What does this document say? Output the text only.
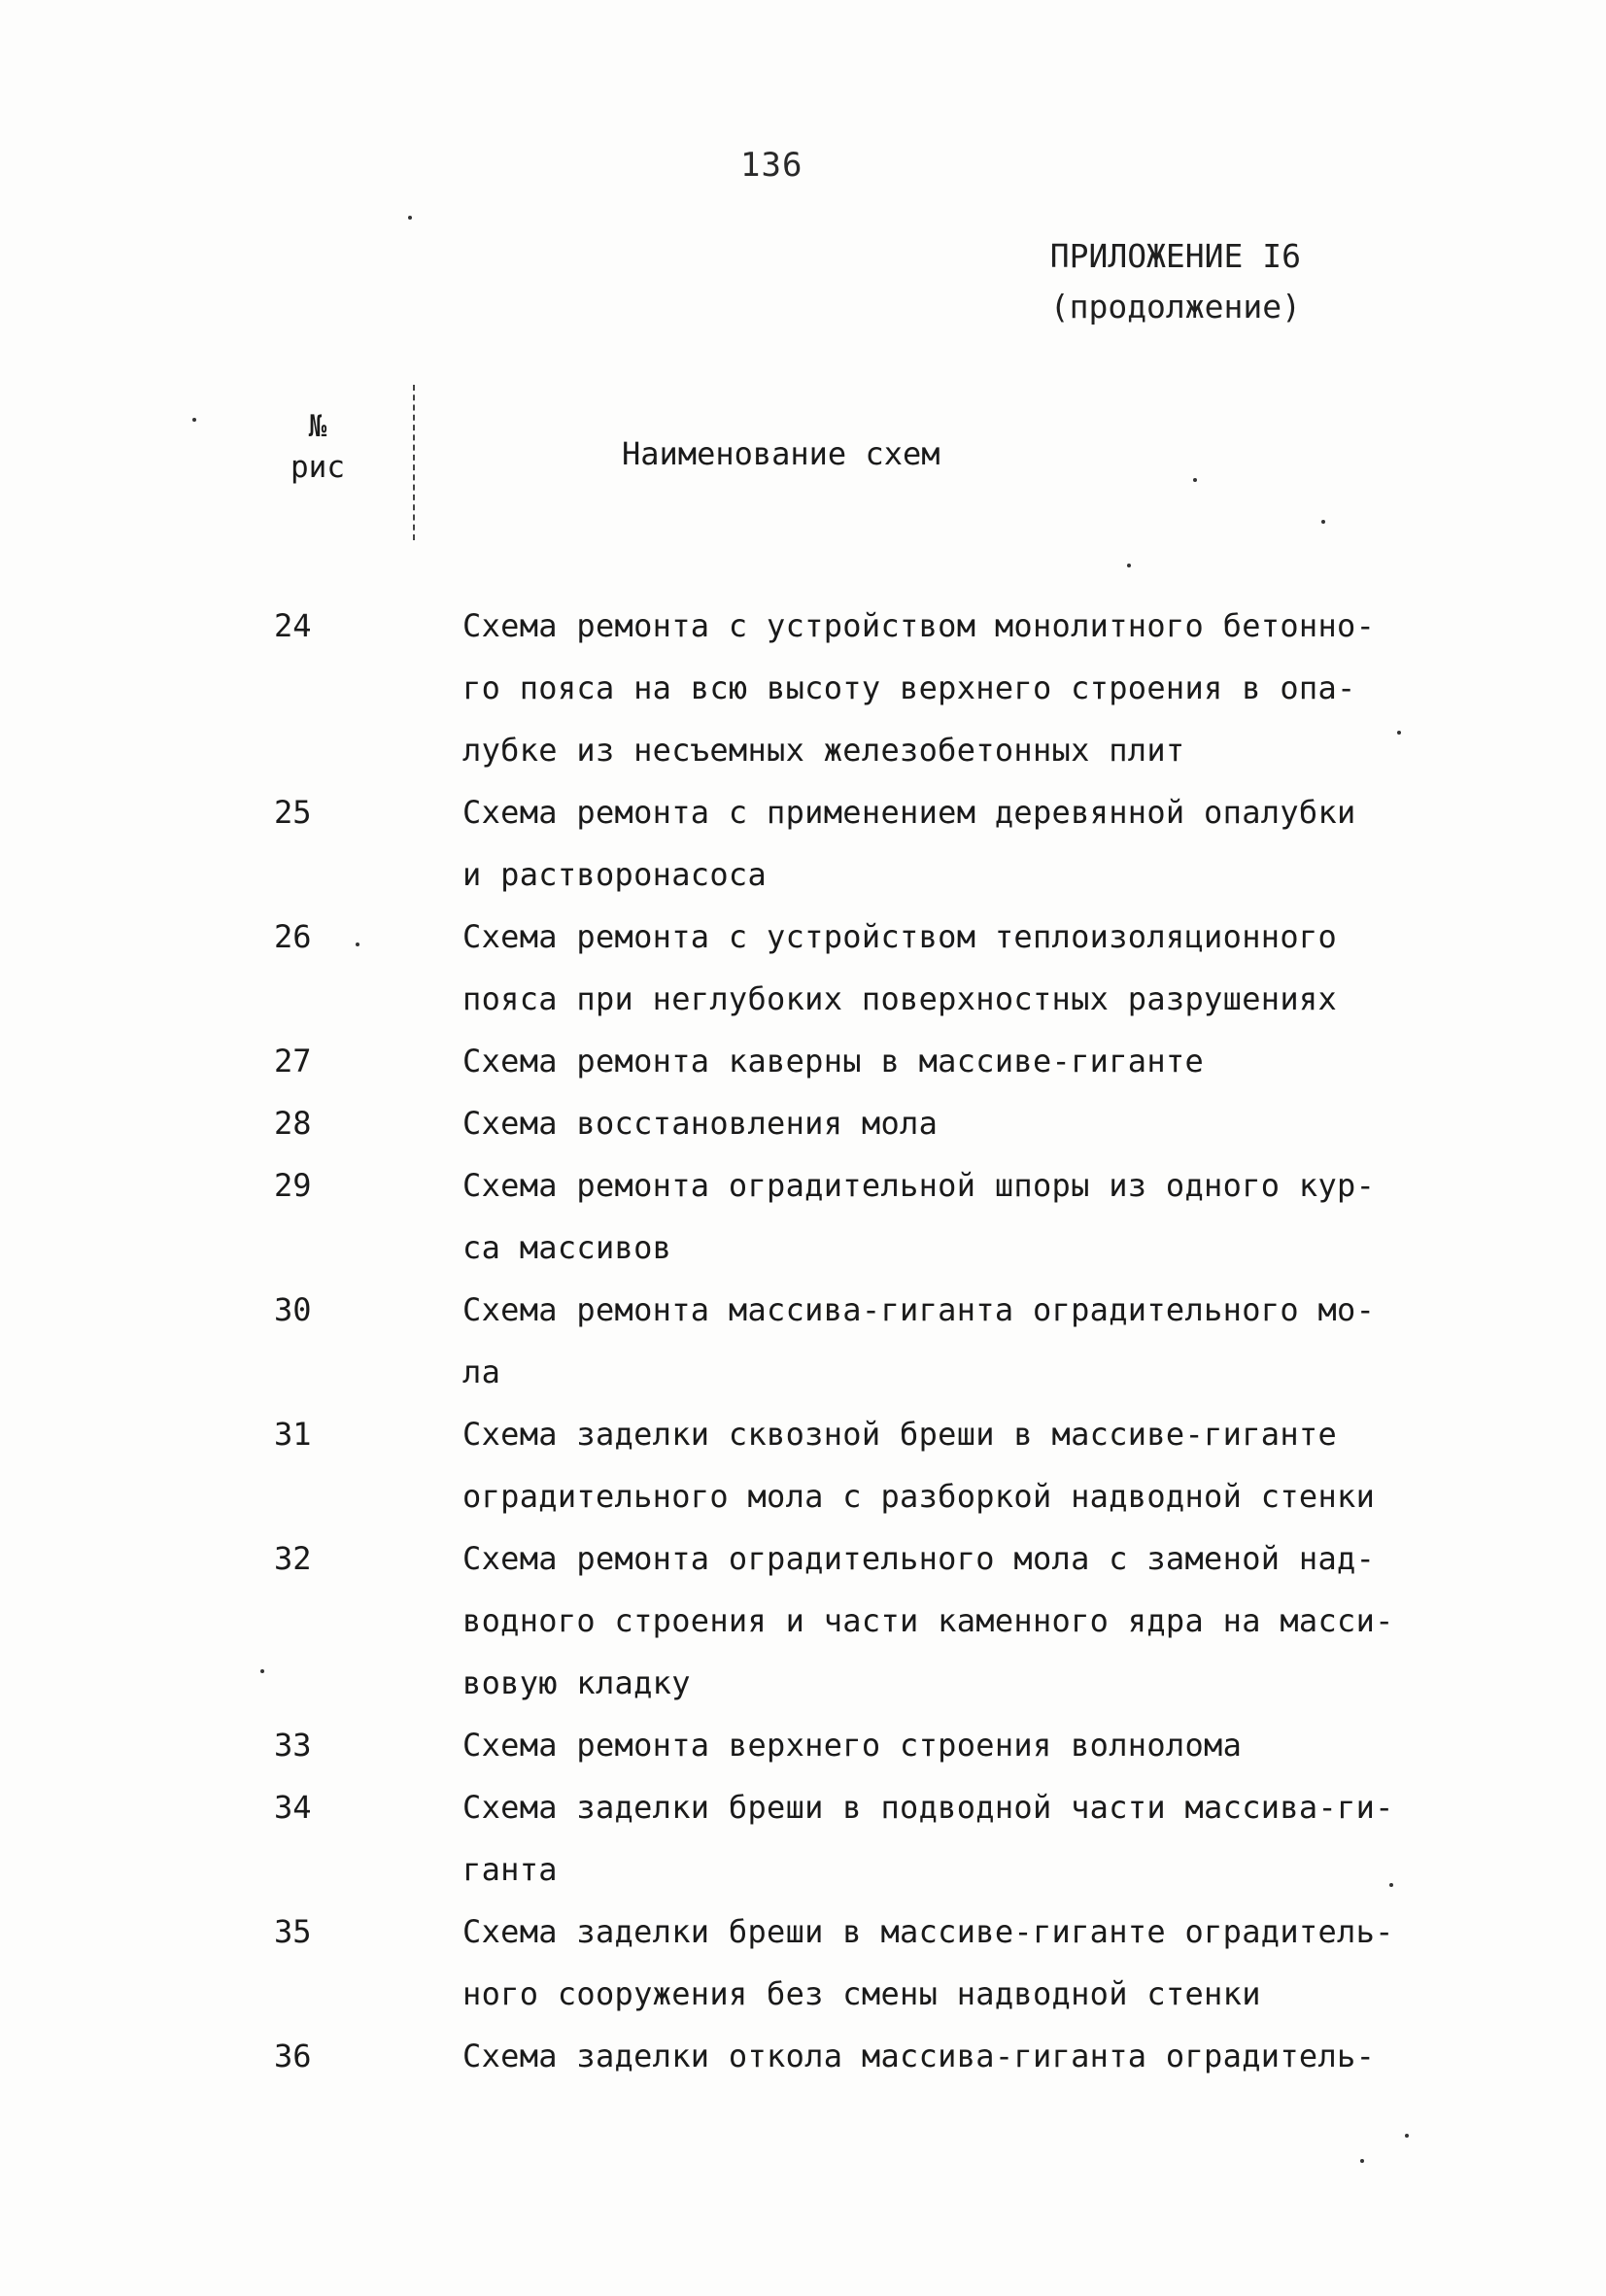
136
ПРИЛОЖЕНИЕ I6
(продолжение)
№
рис	Наименование схем
24	Схема ремонта с устройством монолитного бетонно-
го пояса на всю высоту верхнего строения в опа-
лубке из несъемных железобетонных плит
25	Схема ремонта с применением деревянной опалубки
и растворонасоса
26	Схема ремонта с устройством теплоизоляционного
пояса при неглубоких поверхностных разрушениях
27	Схема ремонта каверны в массиве-гиганте
28	Схема восстановления мола
29	Схема ремонта оградительной шпоры из одного кур-
са массивов
30	Схема ремонта массива-гиганта оградительного мо-
ла
31	Схема заделки сквозной бреши в массиве-гиганте
оградительного мола с разборкой надводной стенки
32	Схема ремонта оградительного мола с заменой над-
водного строения и части каменного ядра на масси-
вовую кладку
33	Схема ремонта верхнего строения волнолома
34	Схема заделки бреши в подводной части массива-ги-
ганта
35	Схема заделки бреши в массиве-гиганте оградитель-
ного сооружения без смены надводной стенки
36	Схема заделки откола массива-гиганта оградитель-
